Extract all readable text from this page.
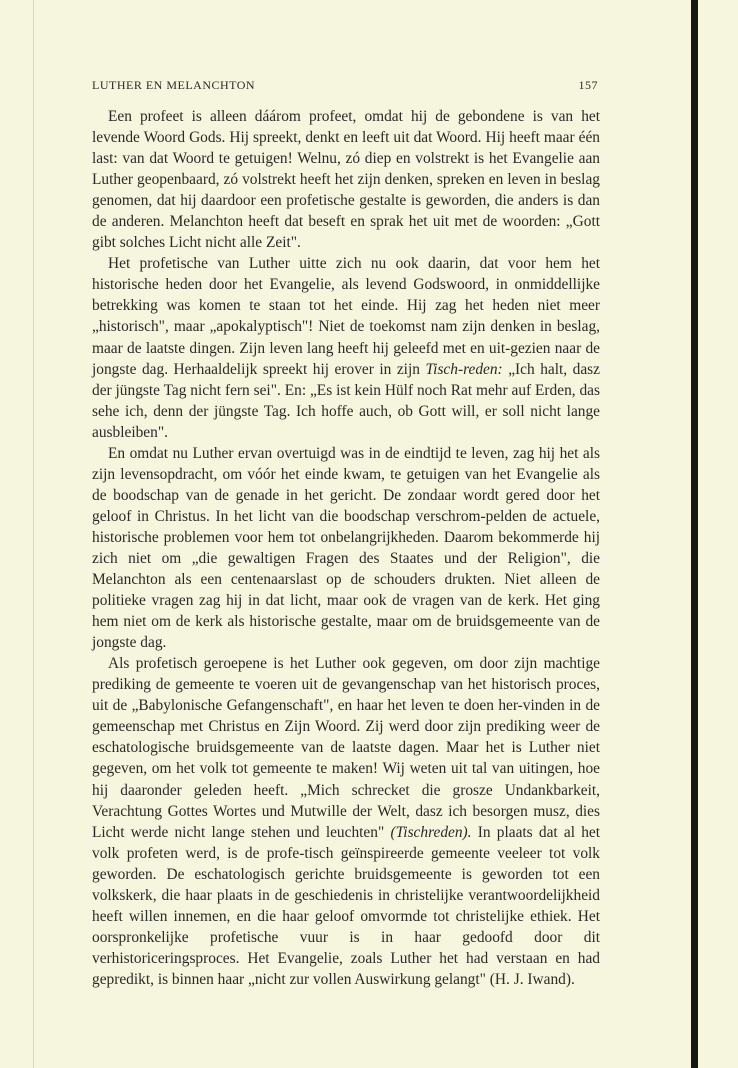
LUTHER EN MELANCHTON	157

Een profeet is alleen dáárom profeet, omdat hij de gebondene is van het levende Woord Gods. Hij spreekt, denkt en leeft uit dat Woord. Hij heeft maar één last: van dat Woord te getuigen! Welnu, zó diep en volstrekt is het Evangelie aan Luther geopenbaard, zó volstrekt heeft het zijn denken, spreken en leven in beslag genomen, dat hij daardoor een profetische gestalte is geworden, die anders is dan de anderen. Melanchton heeft dat beseft en sprak het uit met de woorden: „Gott gibt solches Licht nicht alle Zeit".

Het profetische van Luther uitte zich nu ook daarin, dat voor hem het historische heden door het Evangelie, als levend Godswoord, in onmiddellijke betrekking was komen te staan tot het einde. Hij zag het heden niet meer „historisch", maar „apokalyptisch"! Niet de toekomst nam zijn denken in beslag, maar de laatste dingen. Zijn leven lang heeft hij geleefd met en uit-gezien naar de jongste dag. Herhaaldelijk spreekt hij erover in zijn Tisch-reden: „Ich halt, dasz der jüngste Tag nicht fern sei". En: „Es ist kein Hülf noch Rat mehr auf Erden, das sehe ich, denn der jüngste Tag. Ich hoffe auch, ob Gott will, er soll nicht lange ausbleiben".

En omdat nu Luther ervan overtuigd was in de eindtijd te leven, zag hij het als zijn levensopdracht, om vóór het einde kwam, te getuigen van het Evangelie als de boodschap van de genade in het gericht. De zondaar wordt gered door het geloof in Christus. In het licht van die boodschap verschrom-pelden de actuele, historische problemen voor hem tot onbelangrijkheden. Daarom bekommerde hij zich niet om „die gewaltigen Fragen des Staates und der Religion", die Melanchton als een centenaarslast op de schouders drukten. Niet alleen de politieke vragen zag hij in dat licht, maar ook de vragen van de kerk. Het ging hem niet om de kerk als historische gestalte, maar om de bruidsgemeente van de jongste dag.

Als profetisch geroepene is het Luther ook gegeven, om door zijn machtige prediking de gemeente te voeren uit de gevangenschap van het historisch proces, uit de „Babylonische Gefangenschaft", en haar het leven te doen her-vinden in de gemeenschap met Christus en Zijn Woord. Zij werd door zijn prediking weer de eschatologische bruidsgemeente van de laatste dagen. Maar het is Luther niet gegeven, om het volk tot gemeente te maken! Wij weten uit tal van uitingen, hoe hij daaronder geleden heeft. „Mich schrecket die grosze Undankbarkeit, Verachtung Gottes Wortes und Mutwille der Welt, dasz ich besorgen musz, dies Licht werde nicht lange stehen und leuchten" (Tischreden). In plaats dat al het volk profeten werd, is de profe-tisch geïnspireerde gemeente veeleer tot volk geworden. De eschatologisch gerichte bruidsgemeente is geworden tot een volkskerk, die haar plaats in de geschiedenis in christelijke verantwoordelijkheid heeft willen innemen, en die haar geloof omvormde tot christelijke ethiek. Het oorspronkelijke profetische vuur is in haar gedoofd door dit verhistoriceringsproces. Het Evangelie, zoals Luther het had verstaan en had gepredikt, is binnen haar „nicht zur vollen Auswirkung gelangt" (H. J. Iwand).
